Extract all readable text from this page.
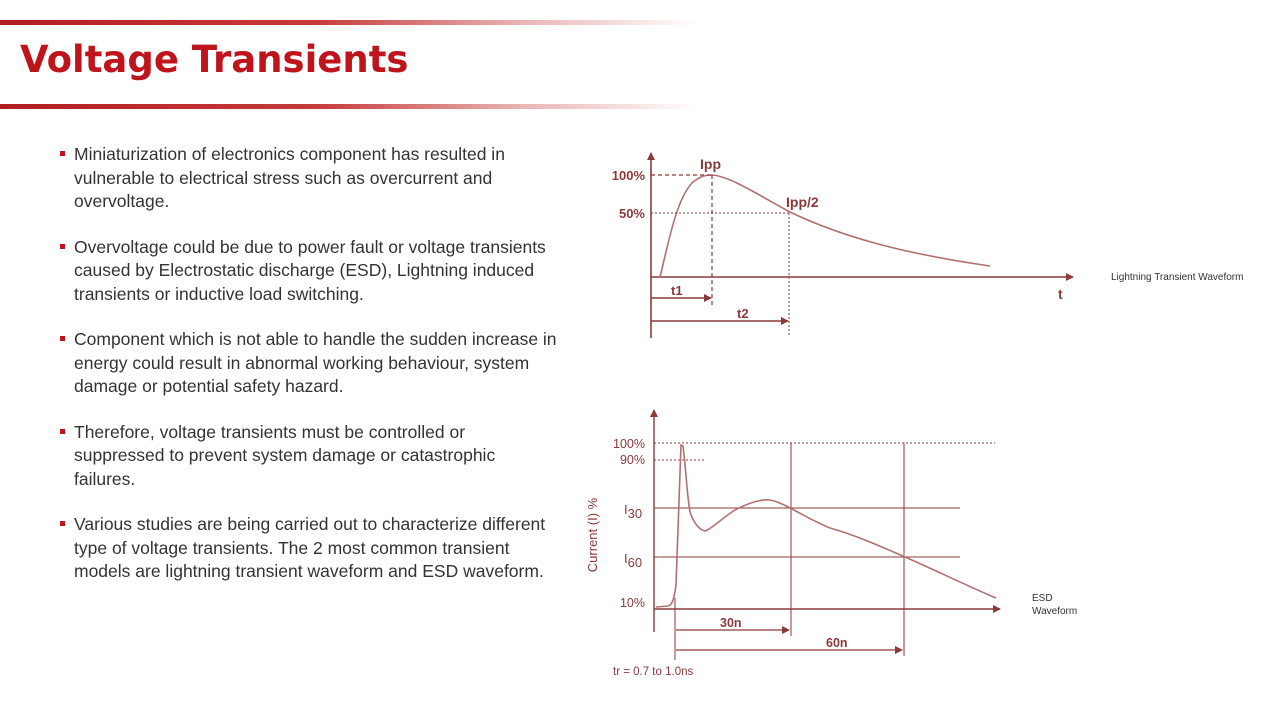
Voltage Transients
Miniaturization of electronics component has resulted in vulnerable to electrical stress such as overcurrent and overvoltage.
Overvoltage could be due to power fault or voltage transients caused by Electrostatic discharge (ESD), Lightning induced transients or inductive load switching.
Component which is not able to handle the sudden increase in energy could result in abnormal working behaviour, system damage or potential safety hazard.
Therefore, voltage transients must be controlled or suppressed to prevent system damage or catastrophic failures.
Various studies are being carried out to characterize different type of voltage transients. The 2 most common transient models are lightning transient waveform and ESD waveform.
100%
50%
Ipp
Ipp/2
t
t1
t2
100%
90%
I30
I60
10%
Current (I) %
30n
60n
tr = 0.7 to 1.0ns
Lightning Transient Waveform
ESD
Waveform
